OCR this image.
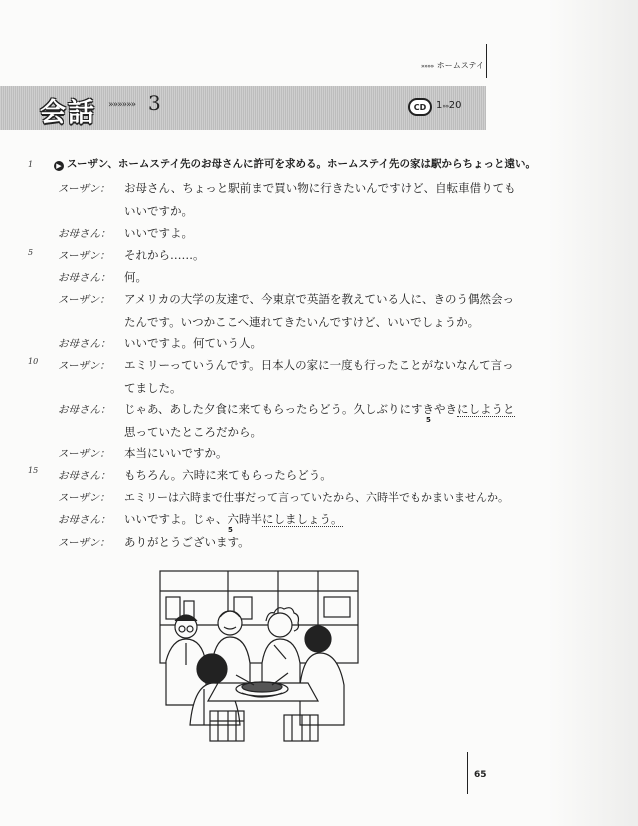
»»»» ホームステイ
会話 »»»»»» 3	CD 1»»20
▶ スーザン、ホームステイ先のお母さんに許可を求める。ホームステイ先の家は駅からちょっと遠い。
1
5
10
15
スーザン：	お母さん、ちょっと駅前まで買い物に行きたいんですけど、自転車借りても
いいですか。
お母さん：	いいですよ。
スーザン：	それから……。
お母さん：	何。
スーザン：	アメリカの大学の友達で、今東京で英語を教えている人に、きのう偶然会っ
たんです。いつかここへ連れてきたいんですけど、いいでしょうか。
お母さん：	いいですよ。何ていう人。
スーザン：	エミリーっていうんです。日本人の家に一度も行ったことがないなんて言っ
てました。
お母さん：	じゃあ、あした夕食に来てもらったらどう。久しぶりにすきやきにしようと
5
思っていたところだから。
スーザン：	本当にいいですか。
お母さん：	もちろん。六時に来てもらったらどう。
スーザン：	エミリーは六時まで仕事だって言っていたから、六時半でもかまいませんか。
お母さん：	いいですよ。じゃ、六時半にしましょう。
5
スーザン：	ありがとうございます。
65
